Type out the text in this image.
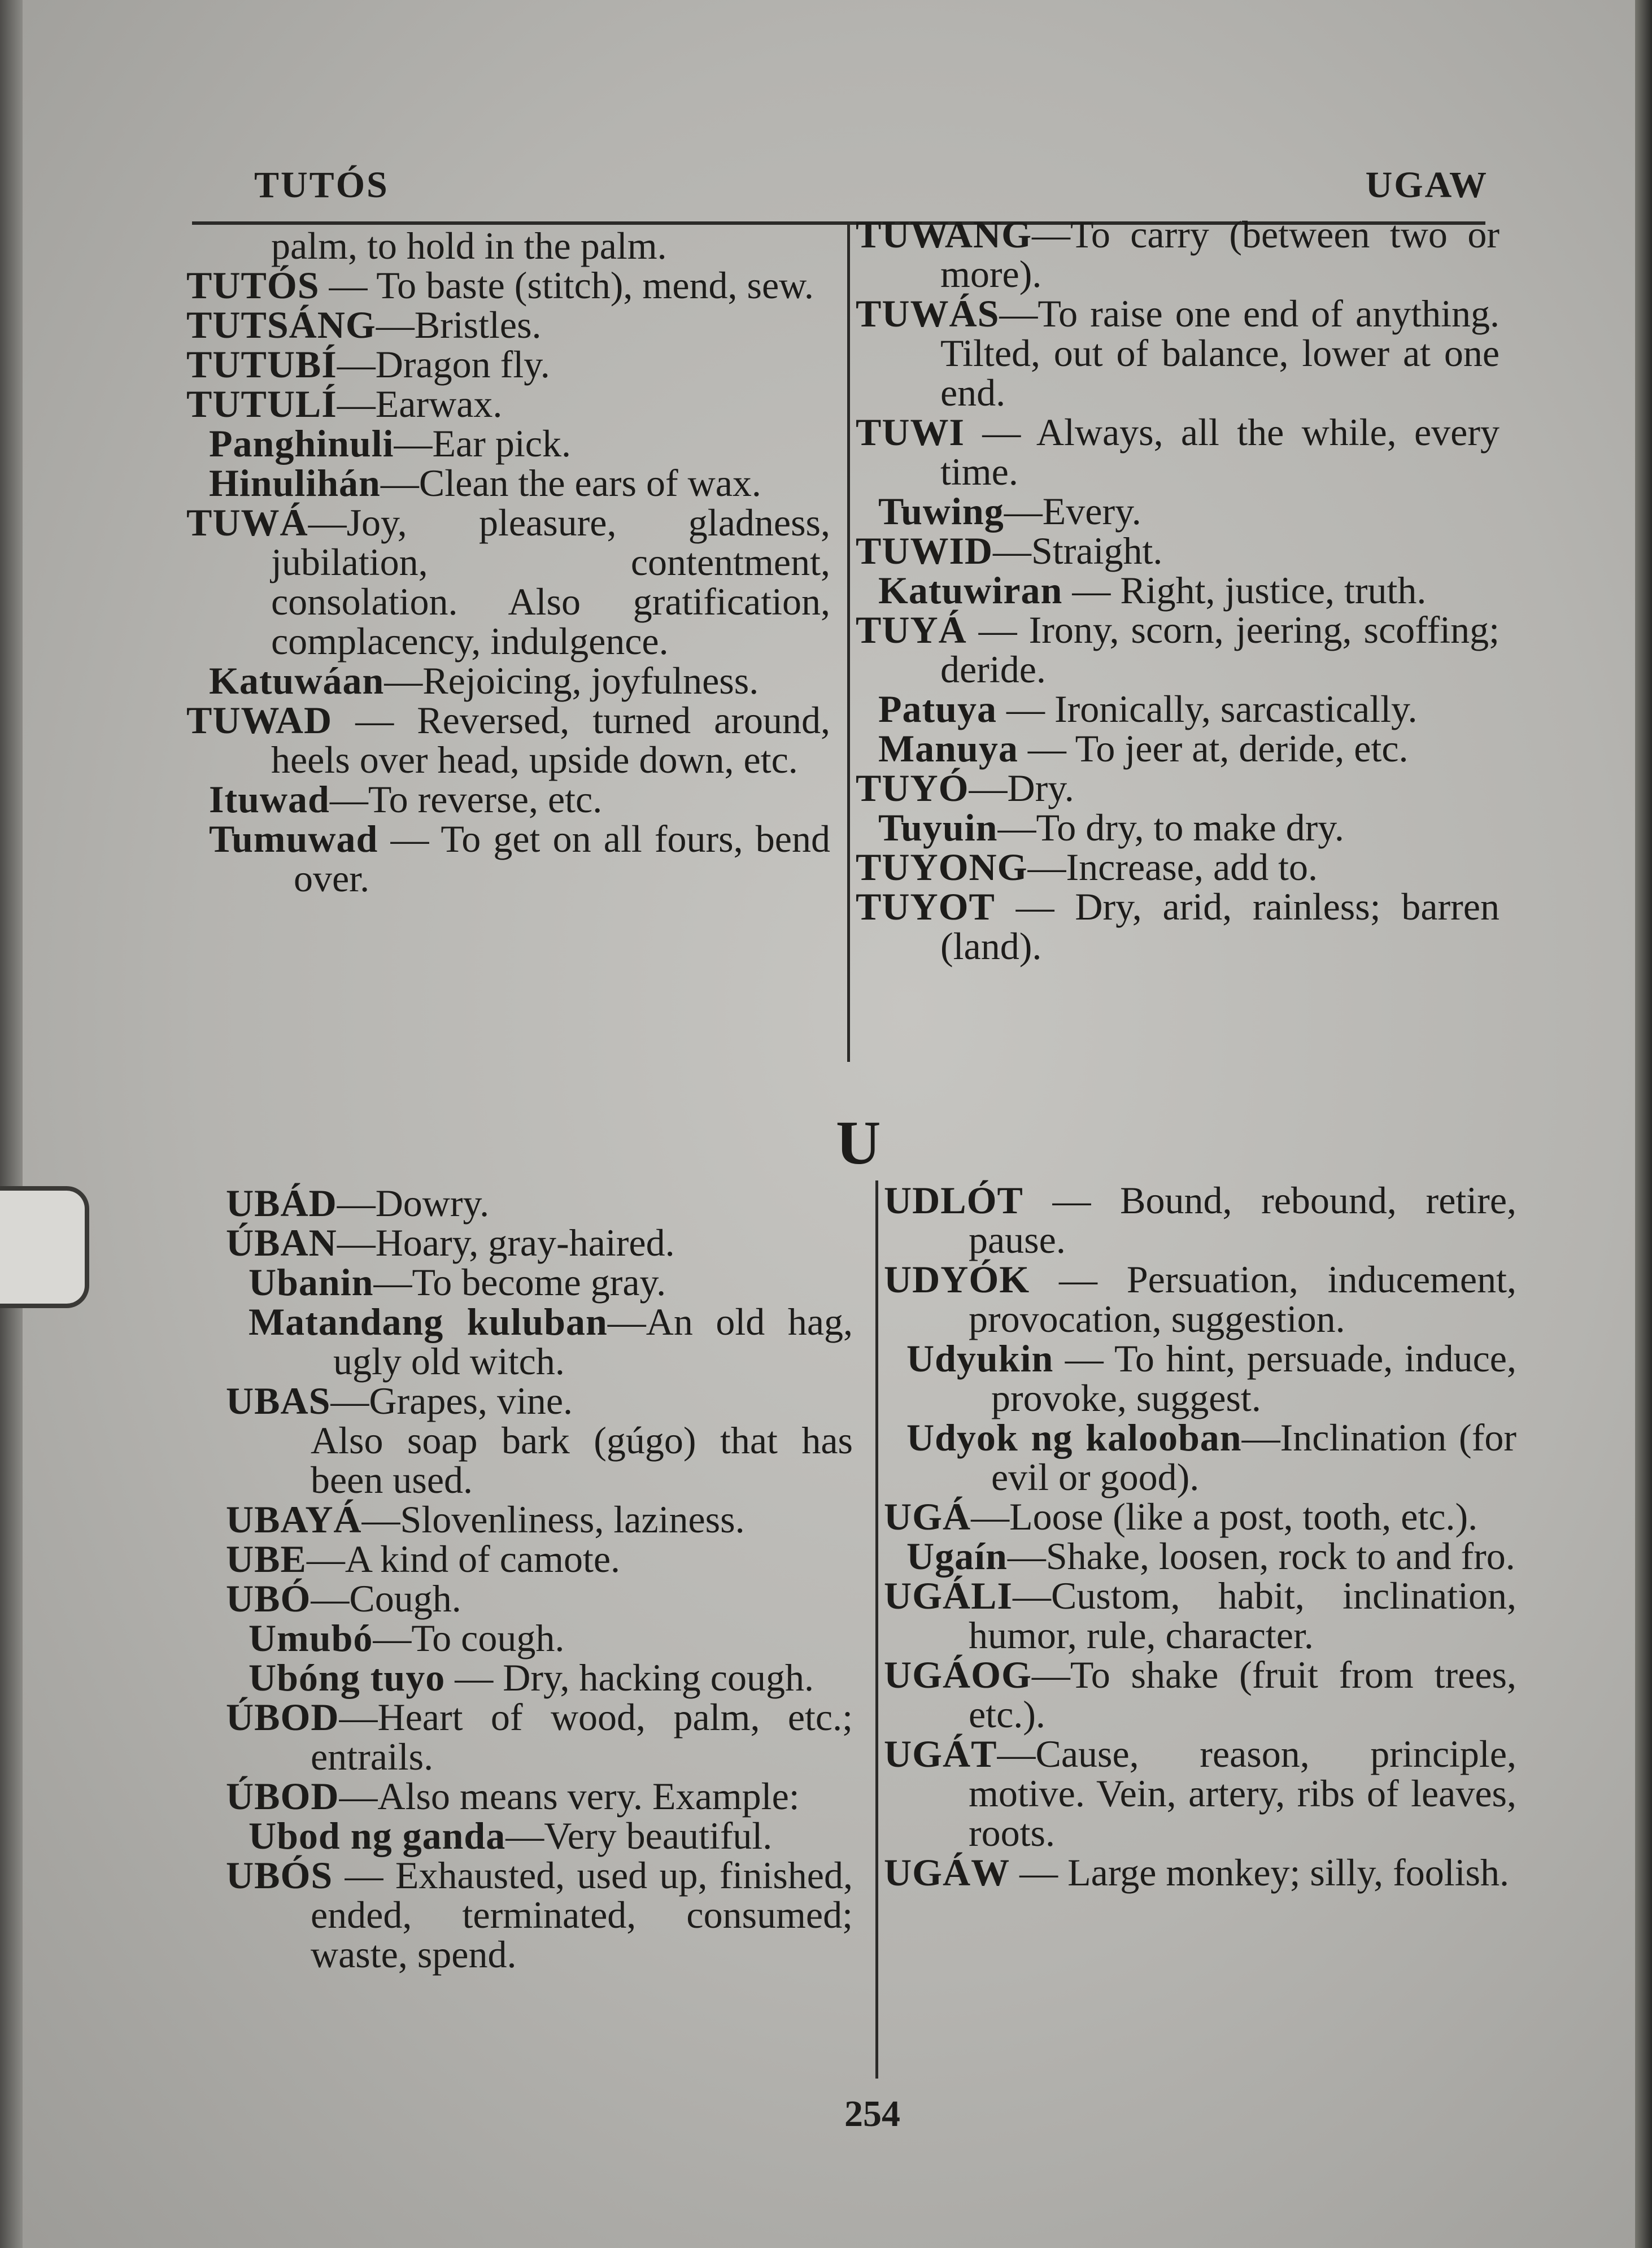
TUTÓS	UGAW

palm, to hold in the palm.

TUTÓS — To baste (stitch), mend, sew.

TUTSÁNG—Bristles.

TUTUBÍ—Dragon fly.

TUTULÍ—Earwax.

Panghinuli—Ear pick.

Hinulihán—Clean the ears of wax.

TUWÁ—Joy, pleasure, gladness, jubilation, contentment, consolation. Also gratification, complacency, indulgence.

Katuwáan—Rejoicing, joyfulness.

TUWAD — Reversed, turned around, heels over head, upside down, etc.

Ituwad—To reverse, etc.

Tumuwad — To get on all fours, bend over.

TUWANG—To carry (between two or more).

TUWÁS—To raise one end of anything. Tilted, out of balance, lower at one end.

TUWI — Always, all the while, every time.

Tuwing—Every.

TUWID—Straight.

Katuwiran — Right, justice, truth.

TUYÁ — Irony, scorn, jeering, scoffing; deride.

Patuya — Ironically, sarcastically.

Manuya — To jeer at, deride, etc.

TUYÓ—Dry.

Tuyuin—To dry, to make dry.

TUYONG—Increase, add to.

TUYOT — Dry, arid, rainless; barren (land).

U

UBÁD—Dowry.

ÚBAN—Hoary, gray-haired.

Ubanin—To become gray.

Matandang kuluban—An old hag, ugly old witch.

UBAS—Grapes, vine.

Also soap bark (gúgo) that has been used.

UBAYÁ—Slovenliness, laziness.

UBE—A kind of camote.

UBÓ—Cough.

Umubó—To cough.

Ubóng tuyo — Dry, hacking cough.

ÚBOD—Heart of wood, palm, etc.; entrails.

ÚBOD—Also means very. Example:

Ubod ng ganda—Very beautiful.

UBÓS — Exhausted, used up, finished, ended, terminated, consumed; waste, spend.

UDLÓT — Bound, rebound, retire, pause.

UDYÓK — Persuation, inducement, provocation, suggestion.

Udyukin — To hint, persuade, induce, provoke, suggest.

Udyok ng kalooban—Inclination (for evil or good).

UGÁ—Loose (like a post, tooth, etc.).

Ugaín—Shake, loosen, rock to and fro.

UGÁLI—Custom, habit, inclination, humor, rule, character.

UGÁOG—To shake (fruit from trees, etc.).

UGÁT—Cause, reason, principle, motive. Vein, artery, ribs of leaves, roots.

UGÁW — Large monkey; silly, foolish.

254
